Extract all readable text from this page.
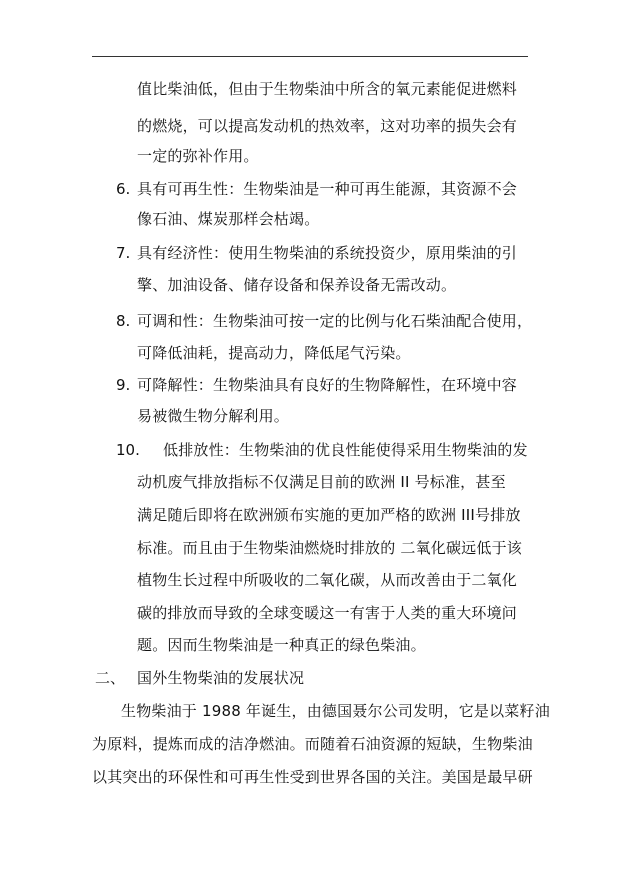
值比柴油低，但由于生物柴油中所含的氧元素能促进燃料
的燃烧，可以提高发动机的热效率，这对功率的损失会有
一定的弥补作用。
6. 具有可再生性：生物柴油是一种可再生能源，其资源不会
像石油、煤炭那样会枯竭。
7. 具有经济性：使用生物柴油的系统投资少，原用柴油的引
擎、加油设备、储存设备和保养设备无需改动。
8. 可调和性：生物柴油可按一定的比例与化石柴油配合使用，
可降低油耗，提高动力，降低尾气污染。
9. 可降解性：生物柴油具有良好的生物降解性，在环境中容
易被微生物分解利用。
10. 低排放性：生物柴油的优良性能使得采用生物柴油的发
动机废气排放指标不仅满足目前的欧洲 II 号标准，甚至
满足随后即将在欧洲颁布实施的更加严格的欧洲 III号排放
标准。而且由于生物柴油燃烧时排放的 二氧化碳远低于该
植物生长过程中所吸收的二氧化碳，从而改善由于二氧化
碳的排放而导致的全球变暖这一有害于人类的重大环境问
题。因而生物柴油是一种真正的绿色柴油。
二、 国外生物柴油的发展状况
生物柴油于 1988 年诞生，由德国聂尔公司发明，它是以菜籽油
为原料，提炼而成的洁净燃油。而随着石油资源的短缺，生物柴油
以其突出的环保性和可再生性受到世界各国的关注。美国是最早研
